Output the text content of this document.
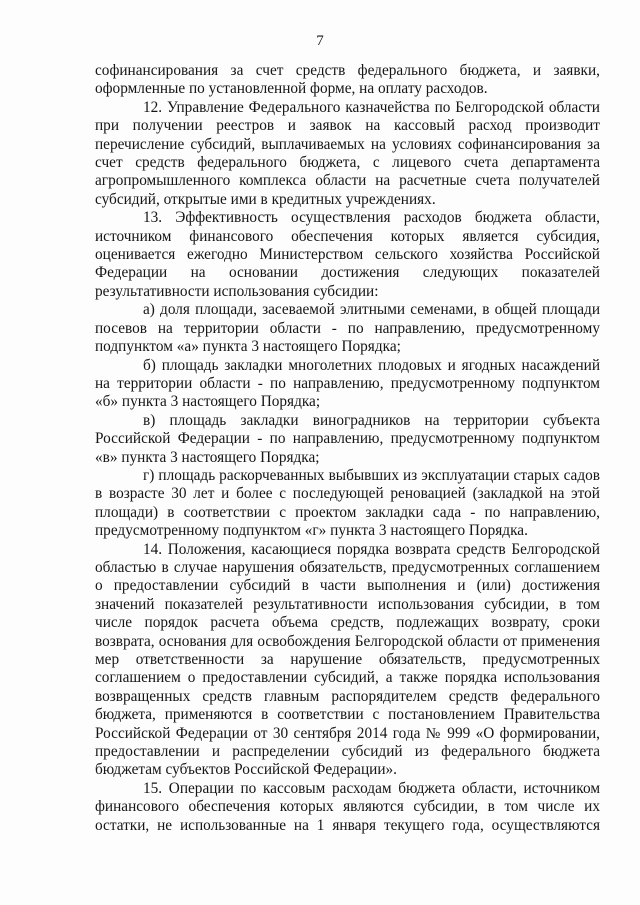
7

софинансирования за счет средств федерального бюджета, и заявки, оформленные по установленной форме, на оплату расходов.

12. Управление Федерального казначейства по Белгородской области при получении реестров и заявок на кассовый расход производит перечисление субсидий, выплачиваемых на условиях софинансирования за счет средств федерального бюджета, с лицевого счета департамента агропромышленного комплекса области на расчетные счета получателей субсидий, открытые ими в кредитных учреждениях.

13. Эффективность осуществления расходов бюджета области, источником финансового обеспечения которых является субсидия, оценивается ежегодно Министерством сельского хозяйства Российской Федерации на основании достижения следующих показателей результативности использования субсидии:

а) доля площади, засеваемой элитными семенами, в общей площади посевов на территории области - по направлению, предусмотренному подпунктом «а» пункта 3 настоящего Порядка;

б) площадь закладки многолетних плодовых и ягодных насаждений на территории области - по направлению, предусмотренному подпунктом «б» пункта 3 настоящего Порядка;

в) площадь закладки виноградников на территории субъекта Российской Федерации - по направлению, предусмотренному подпунктом «в» пункта 3 настоящего Порядка;

г) площадь раскорчеванных выбывших из эксплуатации старых садов в возрасте 30 лет и более с последующей реновацией (закладкой на этой площади) в соответствии с проектом закладки сада - по направлению, предусмотренному подпунктом «г» пункта 3 настоящего Порядка.

14. Положения, касающиеся порядка возврата средств Белгородской областью в случае нарушения обязательств, предусмотренных соглашением о предоставлении субсидий в части выполнения и (или) достижения значений показателей результативности использования субсидии, в том числе порядок расчета объема средств, подлежащих возврату, сроки возврата, основания для освобождения Белгородской области от применения мер ответственности за нарушение обязательств, предусмотренных соглашением о предоставлении субсидий, а также порядка использования возвращенных средств главным распорядителем средств федерального бюджета, применяются в соответствии с постановлением Правительства Российской Федерации от 30 сентября 2014 года № 999 «О формировании, предоставлении и распределении субсидий из федерального бюджета бюджетам субъектов Российской Федерации».

15. Операции по кассовым расходам бюджета области, источником финансового обеспечения которых являются субсидии, в том числе их остатки, не использованные на 1 января текущего года, осуществляются
